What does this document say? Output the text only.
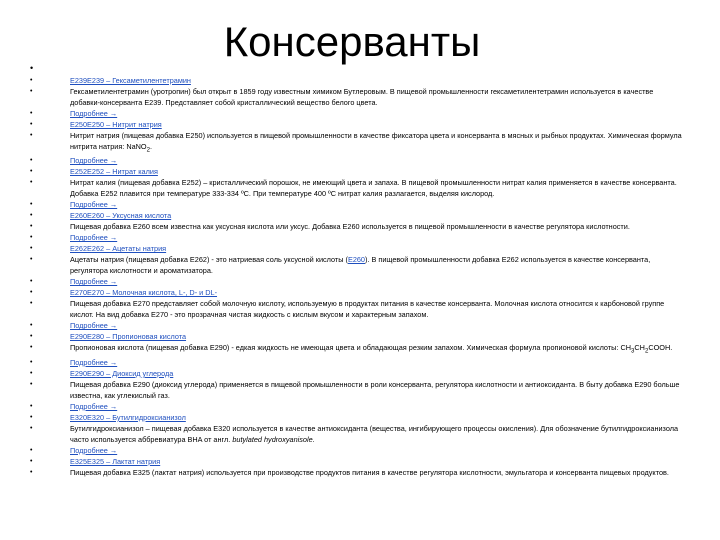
Консерванты
•
•	E239E239 – Гексаметилентетрамин
•	Гексаметилентетрамин (уротропин) был открыт в 1859 году известным химиком Бутлеровым. В пищевой промышленности гексаметилентетрамин используется в качестве добавки-консерванта E239. Представляет собой кристаллический вещество белого цвета.
•	Подробнее →
•	E250E250 – Нитрит натрия
•	Нитрит натрия (пищевая добавка E250) используется в пищевой промышленности в качестве фиксатора цвета и консерванта в мясных и рыбных продуктах. Химическая формула нитрита натрия: NaNO$_2$.
•	Подробнее →
•	E252E252 – Нитрат калия
•	Нитрат калия (пищевая добавка E252) – кристаллический порошок, не имеющий цвета и запаха. В пищевой промышленности нитрат калия применяется в качестве консерванта. Добавка E252 плавится при температуре 333-334 ºС. При температуре 400 ºС нитрат калия разлагается, выделяя кислород.
•	Подробнее →
•	E260E260 – Уксусная кислота
•	Пищевая добавка E260 всем известна как уксусная кислота или уксус. Добавка E260 используется в пищевой промышленности в качестве регулятора кислотности.
•	Подробнее →
•	E262E262 – Ацетаты натрия
•	Ацетаты натрия (пищевая добавка E262) - это натриевая соль уксусной кислоты (E260). В пищевой промышленности добавка E262 используется в качестве консерванта, регулятора кислотности и ароматизатора.
•	Подробнее →
•	E270E270 – Молочная кислота, L-, D- и DL-
•	Пищевая добавка E270 представляет собой молочную кислоту, используемую в продуктах питания в качестве консерванта. Молочная кислота относится к карбоновой группе кислот. На вид добавка E270 - это прозрачная чистая жидкость с кислым вкусом и характерным запахом.
•	Подробнее →
•	E290E280 – Пропионовая кислота
•	Пропионовая кислота (пищевая добавка E290) - едкая жидкость не имеющая цвета и обладающая резким запахом. Химическая формула пропионовой кислоты: $CH_3CH_2COOH$.
•	Подробнее →
•	E290E290 – Диоксид углерода
•	Пищевая добавка E290 (диоксид углерода) применяется в пищевой промышленности в роли консерванта, регулятора кислотности и антиоксиданта. В быту добавка E290 больше известна, как углекислый газ.
•	Подробнее →
•	E320E320 – Бутилгидроксианизол
•	Бутилгидроксианизол – пищевая добавка E320 используется в качестве антиоксиданта (вещества, ингибирующего процессы окисления). Для обозначение бутилгидроксианизола часто используется аббревиатура BHA от англ. butylated hydroxyanisole.
•	Подробнее →
•	E325E325 – Лактат натрия
•	Пищевая добавка E325 (лактат натрия) используется при производстве продуктов питания в качестве регулятора кислотности, эмульгатора и консерванта пищевых продуктов.
